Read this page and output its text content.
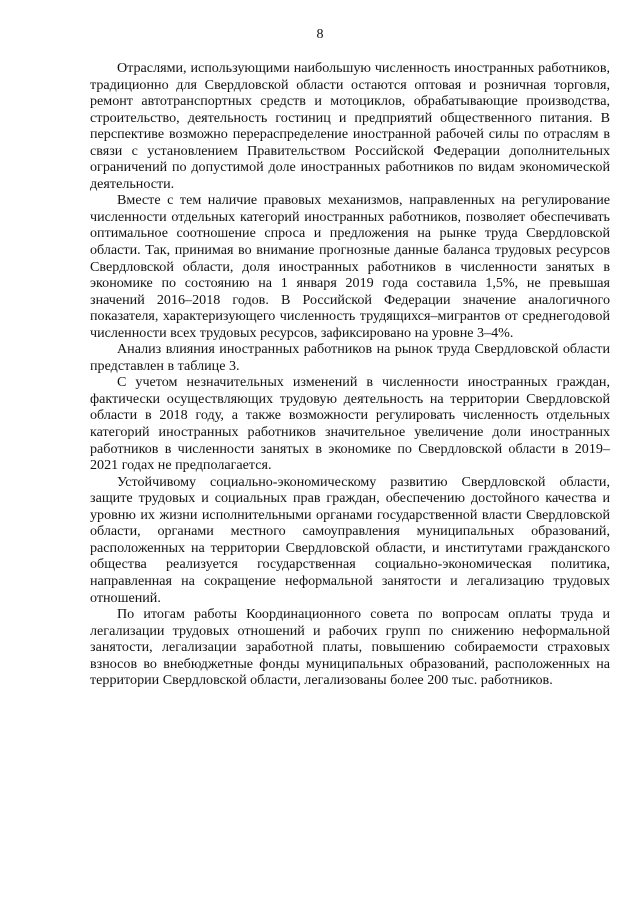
8

Отраслями, использующими наибольшую численность иностранных работников, традиционно для Свердловской области остаются оптовая и розничная торговля, ремонт автотранспортных средств и мотоциклов, обрабатывающие производства, строительство, деятельность гостиниц и предприятий общественного питания. В перспективе возможно перераспределение иностранной рабочей силы по отраслям в связи с установлением Правительством Российской Федерации дополнительных ограничений по допустимой доле иностранных работников по видам экономической деятельности.

Вместе с тем наличие правовых механизмов, направленных на регулирование численности отдельных категорий иностранных работников, позволяет обеспечивать оптимальное соотношение спроса и предложения на рынке труда Свердловской области. Так, принимая во внимание прогнозные данные баланса трудовых ресурсов Свердловской области, доля иностранных работников в численности занятых в экономике по состоянию на 1 января 2019 года составила 1,5%, не превышая значений 2016–2018 годов. В Российской Федерации значение аналогичного показателя, характеризующего численность трудящихся–мигрантов от среднегодовой численности всех трудовых ресурсов, зафиксировано на уровне 3–4%.

Анализ влияния иностранных работников на рынок труда Свердловской области представлен в таблице 3.

С учетом незначительных изменений в численности иностранных граждан, фактически осуществляющих трудовую деятельность на территории Свердловской области в 2018 году, а также возможности регулировать численность отдельных категорий иностранных работников значительное увеличение доли иностранных работников в численности занятых в экономике по Свердловской области в 2019–2021 годах не предполагается.

Устойчивому социально-экономическому развитию Свердловской области, защите трудовых и социальных прав граждан, обеспечению достойного качества и уровню их жизни исполнительными органами государственной власти Свердловской области, органами местного самоуправления муниципальных образований, расположенных на территории Свердловской области, и институтами гражданского общества реализуется государственная социально-экономическая политика, направленная на сокращение неформальной занятости и легализацию трудовых отношений.

По итогам работы Координационного совета по вопросам оплаты труда и легализации трудовых отношений и рабочих групп по снижению неформальной занятости, легализации заработной платы, повышению собираемости страховых взносов во внебюджетные фонды муниципальных образований, расположенных на территории Свердловской области, легализованы более 200 тыс. работников.
